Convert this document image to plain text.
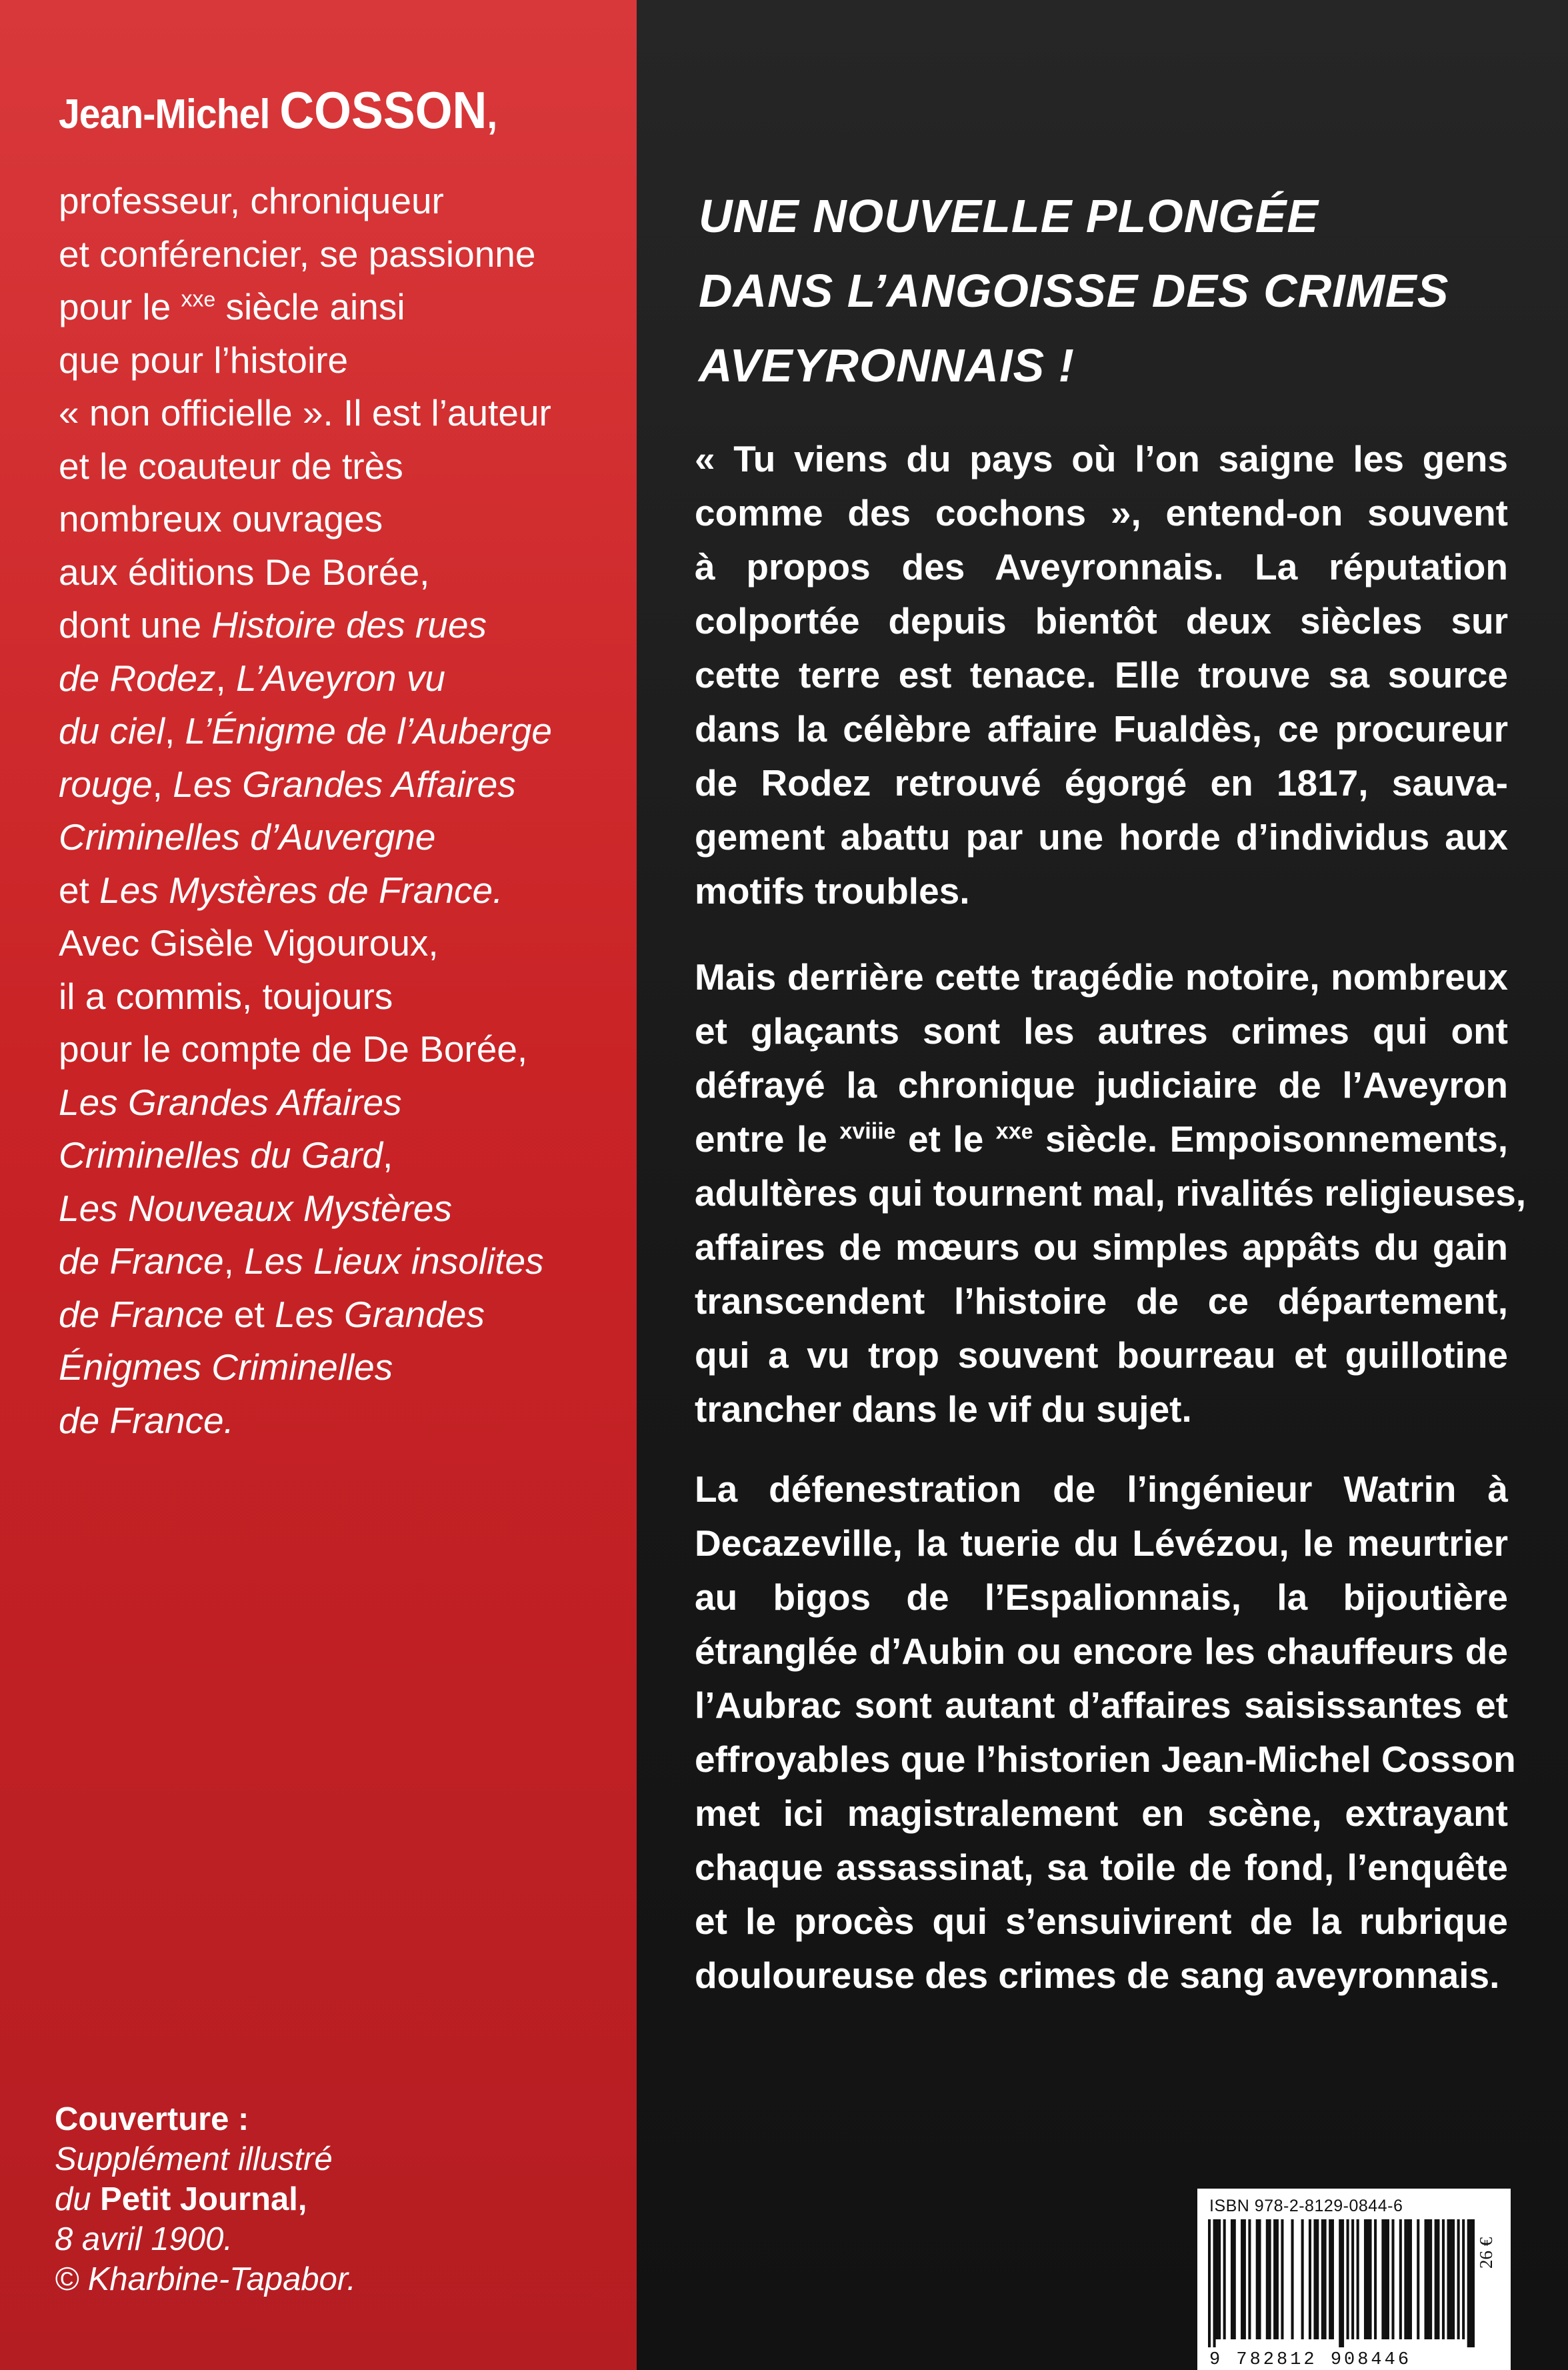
Jean-Michel COSSON,
professeur, chroniqueur
et conférencier, se passionne
pour le $^{xxe}$ siècle ainsi
que pour l’histoire
« non officielle ». Il est l’auteur
et le coauteur de très
nombreux ouvrages
aux éditions De Borée,
dont une Histoire des rues
de Rodez, L’Aveyron vu
du ciel, L’Énigme de l’Auberge
rouge, Les Grandes Affaires
Criminelles d’Auvergne
et Les Mystères de France.
Avec Gisèle Vigouroux,
il a commis, toujours
pour le compte de De Borée,
Les Grandes Affaires
Criminelles du Gard,
Les Nouveaux Mystères
de France, Les Lieux insolites
de France et Les Grandes
Énigmes Criminelles
de France.
Couverture :
Supplément illustré
du Petit Journal,
8 avril 1900.
© Kharbine-Tapabor.
UNE NOUVELLE PLONGÉE
DANS L’ANGOISSE DES CRIMES
AVEYRONNAIS !
« Tu viens du pays où l’on saigne les gens
comme des cochons », entend-on souvent
à propos des Aveyronnais. La réputation
colportée depuis bientôt deux siècles sur
cette terre est tenace. Elle trouve sa source
dans la célèbre affaire Fualdès, ce procureur
de Rodez retrouvé égorgé en 1817, sauva-
gement abattu par une horde d’individus aux
motifs troubles.
Mais derrière cette tragédie notoire, nombreux
et glaçants sont les autres crimes qui ont
défrayé la chronique judiciaire de l’Aveyron
entre le $^{xviiie}$ et le $^{xxe}$ siècle. Empoisonnements,
adultères qui tournent mal, rivalités religieuses,
affaires de mœurs ou simples appâts du gain
transcendent l’histoire de ce département,
qui a vu trop souvent bourreau et guillotine
trancher dans le vif du sujet.
La défenestration de l’ingénieur Watrin à
Decazeville, la tuerie du Lévézou, le meurtrier
au bigos de l’Espalionnais, la bijoutière
étranglée d’Aubin ou encore les chauffeurs de
l’Aubrac sont autant d’affaires saisissantes et
effroyables que l’historien Jean-Michel Cosson
met ici magistralement en scène, extrayant
chaque assassinat, sa toile de fond, l’enquête
et le procès qui s’ensuivirent de la rubrique
douloureuse des crimes de sang aveyronnais.
ISBN 978-2-8129-0844-6
9 782812 908446
26 €
